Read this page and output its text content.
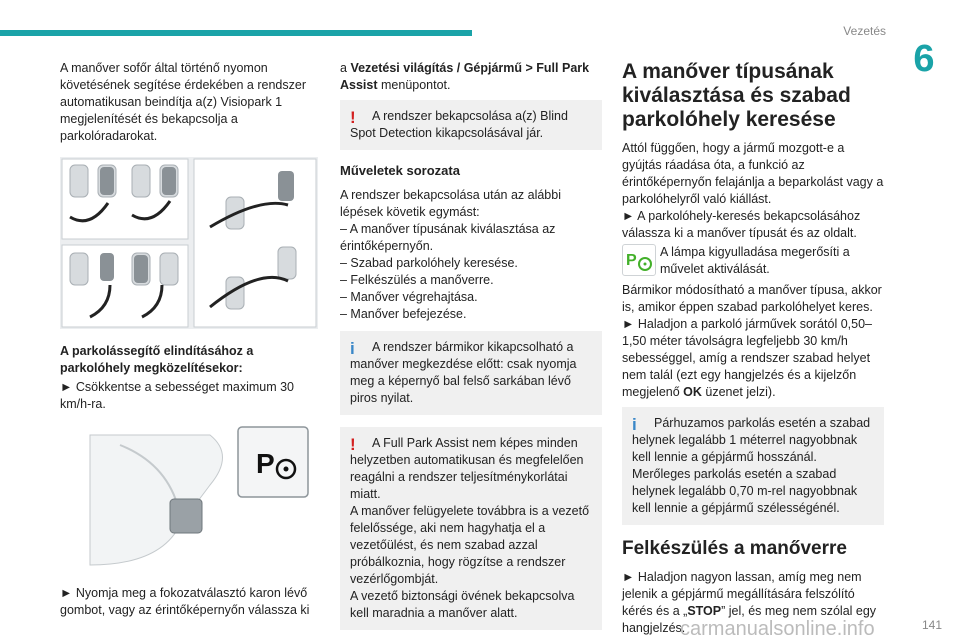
Vezetés
6

A manőver sofőr által történő nyomon követésének segítése érdekében a rendszer automatikusan beindítja a(z) Visiopark 1 megjelenítését és bekapcsolja a parkolóradarokat.

A parkolássegítő elindításához a parkolóhely megközelítésekor:

► Csökkentse a sebességet maximum 30 km/h-ra.

P

► Nyomja meg a fokozatválasztó karon lévő gombot, vagy az érintőképernyőn válassza ki

a Vezetési világítás / Gépjármű > Full Park Assist menüpontot.

!	A rendszer bekapcsolása a(z) Blind Spot Detection kikapcsolásával jár.

Műveletek sorozata

A rendszer bekapcsolása után az alábbi lépések követik egymást:

– A manőver típusának kiválasztása az érintőképernyőn.
– Szabad parkolóhely keresése.
– Felkészülés a manőverre.
– Manőver végrehajtása.
– Manőver befejezése.
i	A rendszer bármikor kikapcsolható a manőver megkezdése előtt: csak nyomja meg a képernyő bal felső sarkában lévő piros nyilat.

!	A Full Park Assist nem képes minden helyzetben automatikusan és megfelelően reagálni a rendszer teljesítménykorlátai miatt.

A manőver felügyelete továbbra is a vezető felelőssége, aki nem hagyhatja el a vezetőülést, és nem szabad azzal próbálkoznia, hogy rögzítse a rendszer vezérlőgombját.

A vezető biztonsági övének bekapcsolva kell maradnia a manőver alatt.

A manőver típusának kiválasztása és szabad parkolóhely keresése

Attól függően, hogy a jármű mozgott-e a gyújtás ráadása óta, a funkció az érintőképernyőn felajánlja a beparkolást vagy a parkolóhelyről való kiállást.

► A parkolóhely-keresés bekapcsolásához válassza ki a manőver típusát és az oldalt.

P A lámpa kigyulladása megerősíti a művelet aktiválását.

Bármikor módosítható a manőver típusa, akkor is, amikor éppen szabad parkolóhelyet keres.

► Haladjon a parkoló járművek sorától 0,50–1,50 méter távolságra legfeljebb 30 km/h sebességgel, amíg a rendszer szabad helyet nem talál (ezt egy hangjelzés és a kijelzőn megjelenő OK üzenet jelzi).

i	Párhuzamos parkolás esetén a szabad helynek legalább 1 méterrel nagyobbnak kell lennie a gépjármű hosszánál.

Merőleges parkolás esetén a szabad helynek legalább 0,70 m-rel nagyobbnak kell lennie a gépjármű szélességénél.

Felkészülés a manőverre

► Haladjon nagyon lassan, amíg meg nem jelenik a gépjármű megállítására felszólító kérés és a „STOP” jel, és meg nem szólal egy hangjelzés.

carmanualsonline.info	141
